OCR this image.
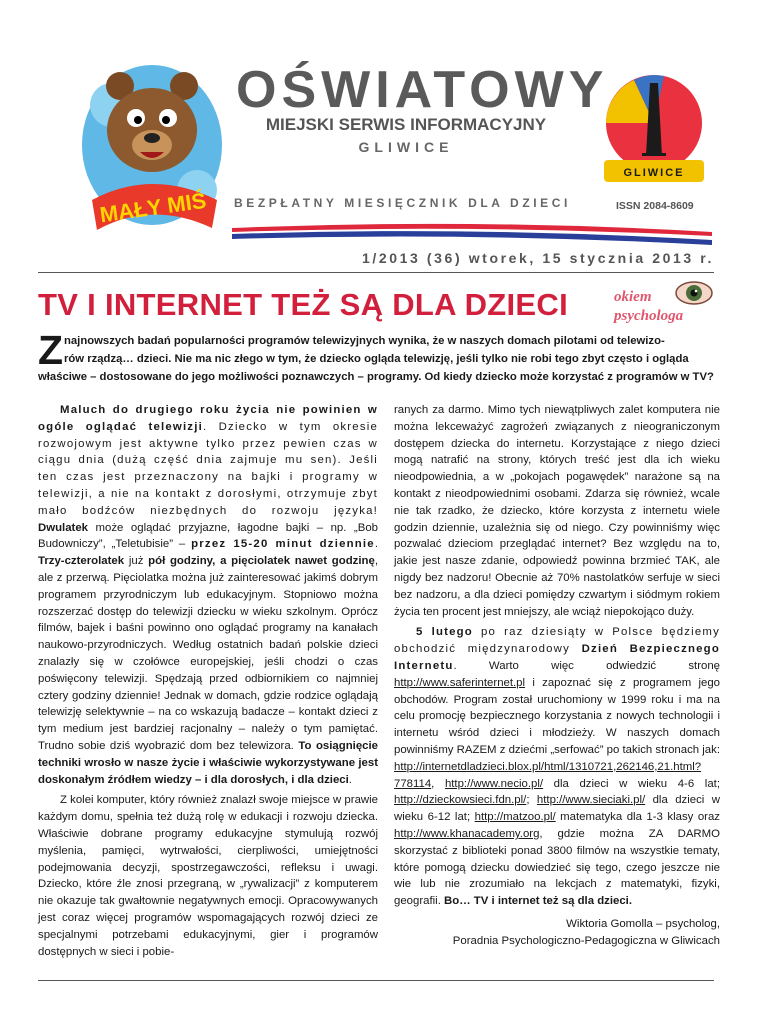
MAŁY MIŚ
OŚWIATOWY
MIEJSKI SERWIS INFORMACYJNY
GLIWICE
GLIWICE
BEZPŁATNY MIESIĘCZNIK DLA DZIECI	ISSN 2084-8609
1/2013 (36) wtorek, 15 stycznia 2013 r.
TV I INTERNET TEŻ SĄ DLA DZIECI	okiem
psychologa
Z najnowszych badań popularności programów telewizyjnych wynika, że w naszych domach pilotami od telewizo-
rów rządzą… dzieci. Nie ma nic złego w tym, że dziecko ogląda telewizję, jeśli tylko nie robi tego zbyt często i ogląda
właściwe – dostosowane do jego możliwości poznawczych – programy. Od kiedy dziecko może korzystać z programów w TV?

Maluch do drugiego roku życia nie powinien w ogóle oglądać telewizji. Dziecko w tym okresie rozwojowym jest aktywne tylko przez pewien czas w ciągu dnia (dużą część dnia zajmuje mu sen). Jeśli ten czas jest przeznaczony na bajki i programy w telewizji, a nie na kontakt z dorosłymi, otrzymuje zbyt mało bodźców niezbędnych do rozwoju języka! Dwulatek może oglądać przyjazne, łagodne bajki – np. „Bob Budowniczy”, „Teletubisie” – przez 15-20 minut dziennie. Trzy-czterolatek już pół godziny, a pięciolatek nawet godzinę, ale z przerwą. Pięciolatka można już zainteresować jakimś dobrym programem przyrodniczym lub edukacyjnym. Stopniowo można rozszerzać dostęp do telewizji dziecku w wieku szkolnym. Oprócz filmów, bajek i baśni powinno ono oglądać programy na kanałach naukowo-przyrodniczych. Według ostatnich badań polskie dzieci znalazły się w czołówce europejskiej, jeśli chodzi o czas poświęcony telewizji. Spędzają przed odbiornikiem co najmniej cztery godziny dziennie! Jednak w domach, gdzie rodzice oglądają telewizję selektywnie – na co wskazują badacze – kontakt dzieci z tym medium jest bardziej racjonalny – należy o tym pamiętać. Trudno sobie dziś wyobrazić dom bez telewizora. To osiągnięcie techniki wrosło w nasze życie i właściwie wykorzystywane jest doskonałym źródłem wiedzy – i dla dorosłych, i dla dzieci.

Z kolei komputer, który również znalazł swoje miejsce w prawie każdym domu, spełnia też dużą rolę w edukacji i rozwoju dziecka. Właściwie dobrane programy edukacyjne stymulują rozwój myślenia, pamięci, wytrwałości, cierpliwości, umiejętności podejmowania decyzji, spostrzegawczości, refleksu i uwagi. Dziecko, które źle znosi przegraną, w „rywalizacji” z komputerem nie okazuje tak gwałtownie negatywnych emocji. Opracowywanych jest coraz więcej programów wspomagających rozwój dzieci ze specjalnymi potrzebami edukacyjnymi, gier i programów dostępnych w sieci i pobie-

ranych za darmo. Mimo tych niewątpliwych zalet komputera nie można lekceważyć zagrożeń związanych z nieograniczonym dostępem dziecka do internetu. Korzystające z niego dzieci mogą natrafić na strony, których treść jest dla ich wieku nieodpowiednia, a w „pokojach pogawędek” narażone są na kontakt z nieodpowiednimi osobami. Zdarza się również, wcale nie tak rzadko, że dziecko, które korzysta z internetu wiele godzin dziennie, uzależnia się od niego. Czy powinniśmy więc pozwalać dzieciom przeglądać internet? Bez względu na to, jakie jest nasze zdanie, odpowiedź powinna brzmieć TAK, ale nigdy bez nadzoru! Obecnie aż 70% nastolatków serfuje w sieci bez nadzoru, a dla dzieci pomiędzy czwartym i siódmym rokiem życia ten procent jest mniejszy, ale wciąż niepokojąco duży.

5 lutego po raz dziesiąty w Polsce będziemy obchodzić międzynarodowy Dzień Bezpiecznego Internetu. Warto więc odwiedzić stronę http://www.saferinternet.pl i zapoznać się z programem jego obchodów. Program został uruchomiony w 1999 roku i ma na celu promocję bezpiecznego korzystania z nowych technologii i internetu wśród dzieci i młodzieży. W naszych domach powinniśmy RAZEM z dziećmi „serfować” po takich stronach jak: http://internetdladzieci.blox.pl/html/1310721,262146,21.html?778114, http://www.necio.pl/ dla dzieci w wieku 4-6 lat; http://dzieckowsieci.fdn.pl/; http://www.sieciaki.pl/ dla dzieci w wieku 6-12 lat; http://matzoo.pl/ matematyka dla 1-3 klasy oraz http://www.khanacademy.org, gdzie można ZA DARMO skorzystać z biblioteki ponad 3800 filmów na wszystkie tematy, które pomogą dziecku dowiedzieć się tego, czego jeszcze nie wie lub nie zrozumiało na lekcjach z matematyki, fizyki, geografii. Bo… TV i internet też są dla dzieci.

Wiktoria Gomolla – psycholog,
Poradnia Psychologiczno-Pedagogiczna w Gliwicach
